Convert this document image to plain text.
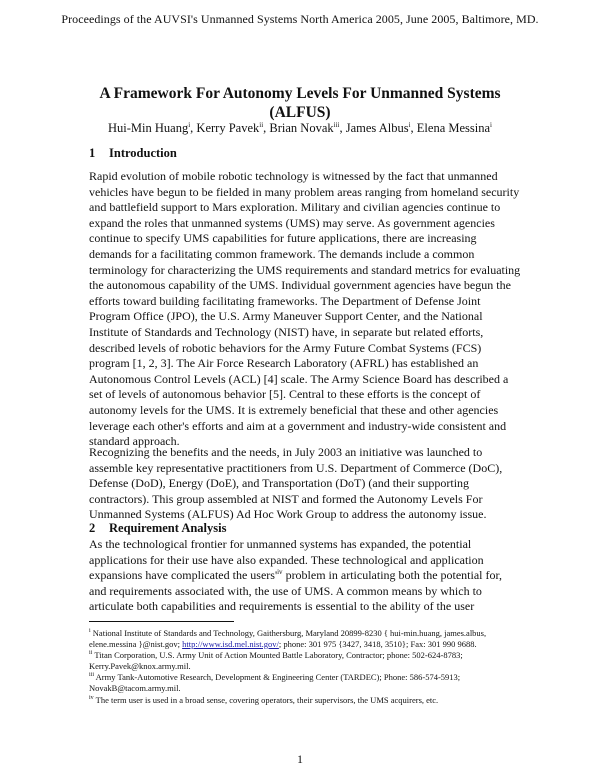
Proceedings of the AUVSI's Unmanned Systems North America 2005, June 2005, Baltimore, MD.
A Framework For Autonomy Levels For Unmanned Systems
(ALFUS)
Hui-Min Huang$^i$, Kerry Pavek$^{ii}$, Brian Novak$^{iii}$, James Albus$^i$, Elena Messina$^i$
1 Introduction
Rapid evolution of mobile robotic technology is witnessed by the fact that unmanned
vehicles have begun to be fielded in many problem areas ranging from homeland security
and battlefield support to Mars exploration. Military and civilian agencies continue to
expand the roles that unmanned systems (UMS) may serve. As government agencies
continue to specify UMS capabilities for future applications, there are increasing
demands for a facilitating common framework. The demands include a common
terminology for characterizing the UMS requirements and standard metrics for evaluating
the autonomous capability of the UMS. Individual government agencies have begun the
efforts toward building facilitating frameworks. The Department of Defense Joint
Program Office (JPO), the U.S. Army Maneuver Support Center, and the National
Institute of Standards and Technology (NIST) have, in separate but related efforts,
described levels of robotic behaviors for the Army Future Combat Systems (FCS)
program [1, 2, 3]. The Air Force Research Laboratory (AFRL) has established an
Autonomous Control Levels (ACL) [4] scale. The Army Science Board has described a
set of levels of autonomous behavior [5]. Central to these efforts is the concept of
autonomy levels for the UMS. It is extremely beneficial that these and other agencies
leverage each other's efforts and aim at a government and industry-wide consistent and
standard approach.
Recognizing the benefits and the needs, in July 2003 an initiative was launched to
assemble key representative practitioners from U.S. Department of Commerce (DoC),
Defense (DoD), Energy (DoE), and Transportation (DoT) (and their supporting
contractors). This group assembled at NIST and formed the Autonomy Levels For
Unmanned Systems (ALFUS) Ad Hoc Work Group to address the autonomy issue.
2 Requirement Analysis
As the technological frontier for unmanned systems has expanded, the potential
applications for their use have also expanded. These technological and application
expansions have complicated the $users'^{iv}$ problem in articulating both the potential for,
and requirements associated with, the use of UMS. A common means by which to
articulate both capabilities and requirements is essential to the ability of the user
$^i$ National Institute of Standards and Technology, Gaithersburg, Maryland 20899-8230 { hui-min.huang, james.albus,
elene.messina }@nist.gov; http://www.isd.mel.nist.gov/; phone: 301 975 {3427, 3418, 3510}; Fax: 301 990 9688.
$^{ii}$ Titan Corporation, U.S. Army Unit of Action Mounted Battle Laboratory, Contractor; phone: 502-624-8783;
Kerry.Pavek@knox.army.mil.
$^{iii}$ Army Tank-Automotive Research, Development & Engineering Center (TARDEC); Phone: 586-574-5913;
NovakB@tacom.army.mil.
$^{iv}$ The term user is used in a broad sense, covering operators, their supervisors, the UMS acquirers, etc.
1
